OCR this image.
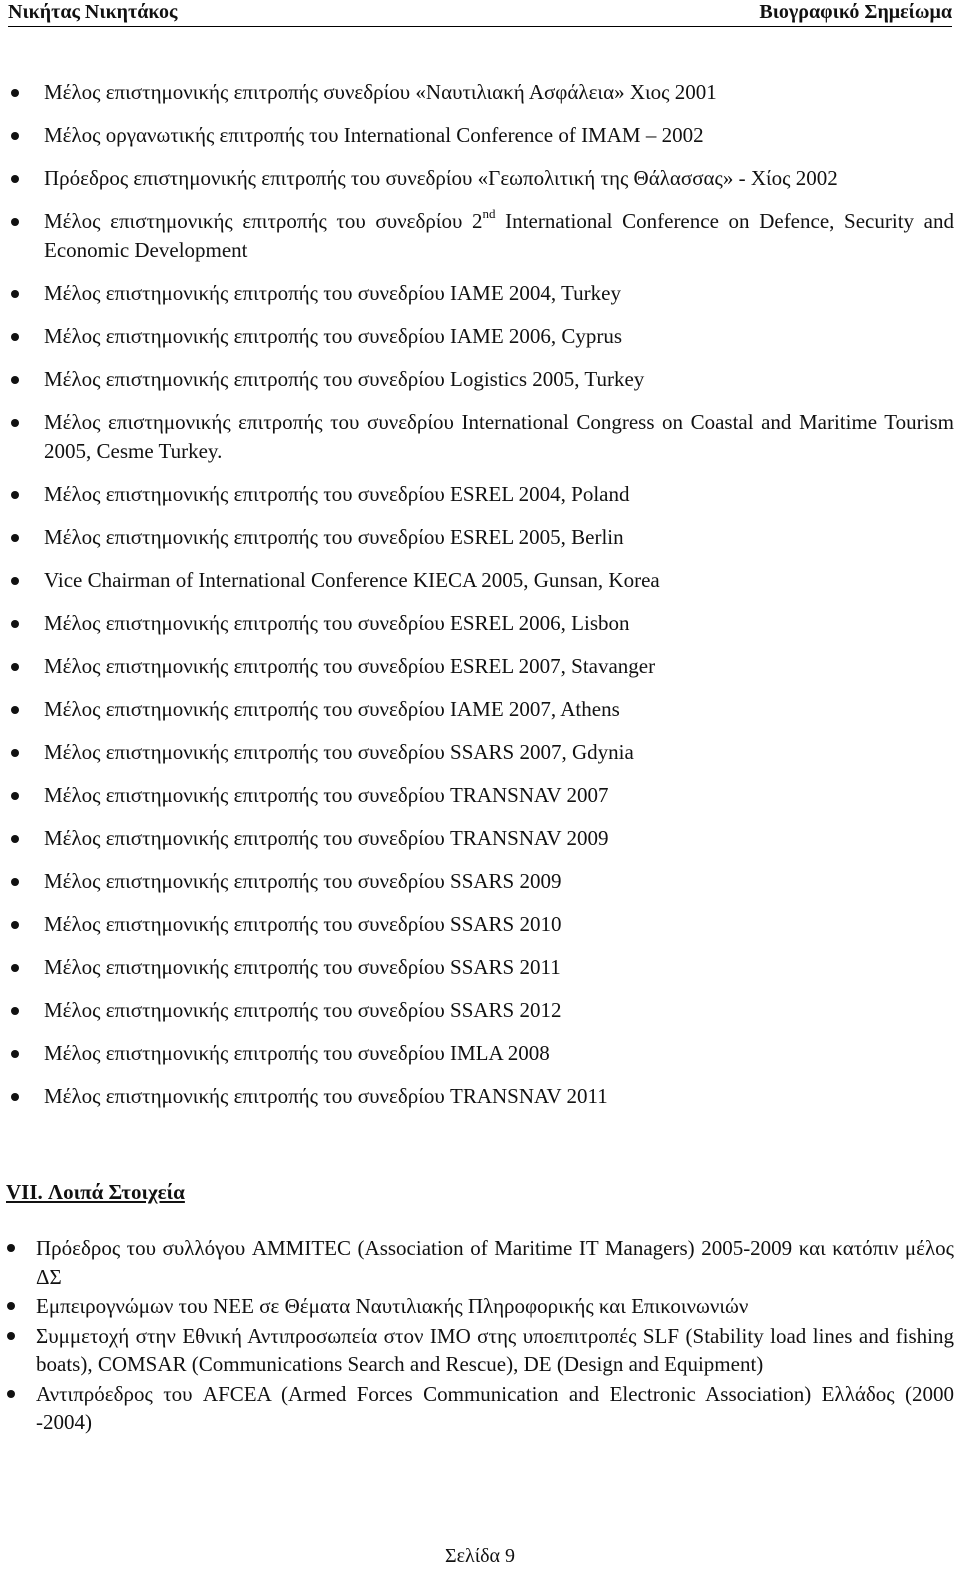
Νικήτας Νικητάκος	Βιογραφικό Σημείωμα
Μέλος επιστημονικής επιτροπής συνεδρίου «Ναυτιλιακή Ασφάλεια» Χιος 2001
Μέλος οργανωτικής επιτροπής του International Conference of IMAM – 2002
Πρόεδρος επιστημονικής επιτροπής του συνεδρίου «Γεωπολιτική της Θάλασσας» - Χίος 2002
Μέλος επιστημονικής επιτροπής του συνεδρίου 2nd International Conference on Defence, Security and Economic Development
Μέλος επιστημονικής επιτροπής του συνεδρίου IAME 2004, Turkey
Μέλος επιστημονικής επιτροπής του συνεδρίου IAME 2006, Cyprus
Μέλος επιστημονικής επιτροπής του συνεδρίου Logistics 2005, Turkey
Μέλος επιστημονικής επιτροπής του συνεδρίου International Congress on Coastal and Maritime Tourism 2005, Cesme Turkey.
Μέλος επιστημονικής επιτροπής του συνεδρίου ESREL 2004, Poland
Μέλος επιστημονικής επιτροπής του συνεδρίου ESREL 2005, Berlin
Vice Chairman of International Conference KIECA 2005, Gunsan, Korea
Μέλος επιστημονικής επιτροπής του συνεδρίου ESREL 2006, Lisbon
Μέλος επιστημονικής επιτροπής του συνεδρίου ESREL 2007, Stavanger
Μέλος επιστημονικής επιτροπής του συνεδρίου IAME 2007, Athens
Μέλος επιστημονικής επιτροπής του συνεδρίου SSARS 2007, Gdynia
Μέλος επιστημονικής επιτροπής του συνεδρίου TRANSNAV 2007
Μέλος επιστημονικής επιτροπής του συνεδρίου TRANSNAV 2009
Μέλος επιστημονικής επιτροπής του συνεδρίου SSARS 2009
Μέλος επιστημονικής επιτροπής του συνεδρίου SSARS 2010
Μέλος επιστημονικής επιτροπής του συνεδρίου SSARS 2011
Μέλος επιστημονικής επιτροπής του συνεδρίου SSARS 2012
Μέλος επιστημονικής επιτροπής του συνεδρίου IMLA 2008
Μέλος επιστημονικής επιτροπής του συνεδρίου TRANSNAV 2011
VII. Λοιπά Στοιχεία
Πρόεδρος του συλλόγου AMMITEC (Association of Maritime IT Managers) 2005-2009 και κατόπιν μέλος ΔΣ
Εμπειρογνώμων του ΝΕΕ σε Θέματα Ναυτιλιακής Πληροφορικής και Επικοινωνιών
Συμμετοχή στην Εθνική Αντιπροσωπεία στον IMO στης υποεπιτροπές SLF (Stability load lines and fishing boats), COMSAR (Communications Search and Rescue), DE (Design and Equipment)
Αντιπρόεδρος του AFCEA (Armed Forces Communication and Electronic Association) Ελλάδος (2000 -2004)
Σελίδα 9
